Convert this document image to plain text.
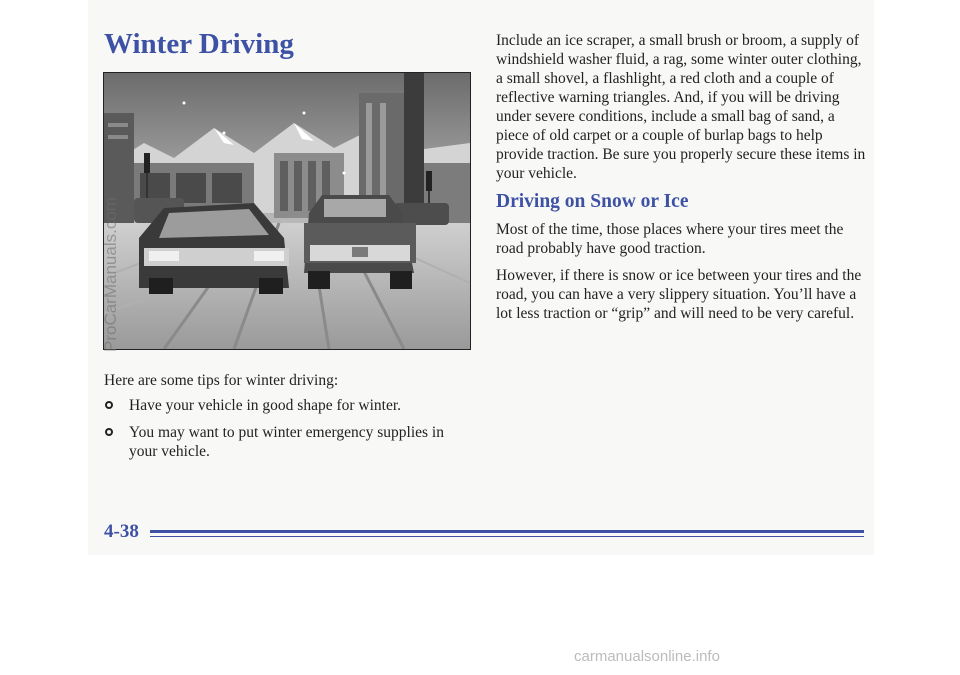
Winter Driving
ProCarManuals.com

Here are some tips for winter driving:

Have your vehicle in good shape for winter.
You may want to put winter emergency supplies in your vehicle.

Include an ice scraper, a small brush or broom, a supply of windshield washer fluid, a rag, some winter outer clothing, a small shovel, a flashlight, a red cloth and a couple of reflective warning triangles. And, if you will be driving under severe conditions, include a small bag of sand, a piece of old carpet or a couple of burlap bags to help provide traction. Be sure you properly secure these items in your vehicle.

Driving on Snow or Ice

Most of the time, those places where your tires meet the road probably have good traction.

However, if there is snow or ice between your tires and the road, you can have a very slippery situation. You’ll have a lot less traction or “grip” and will need to be very careful.

4-38
carmanualsonline.info
